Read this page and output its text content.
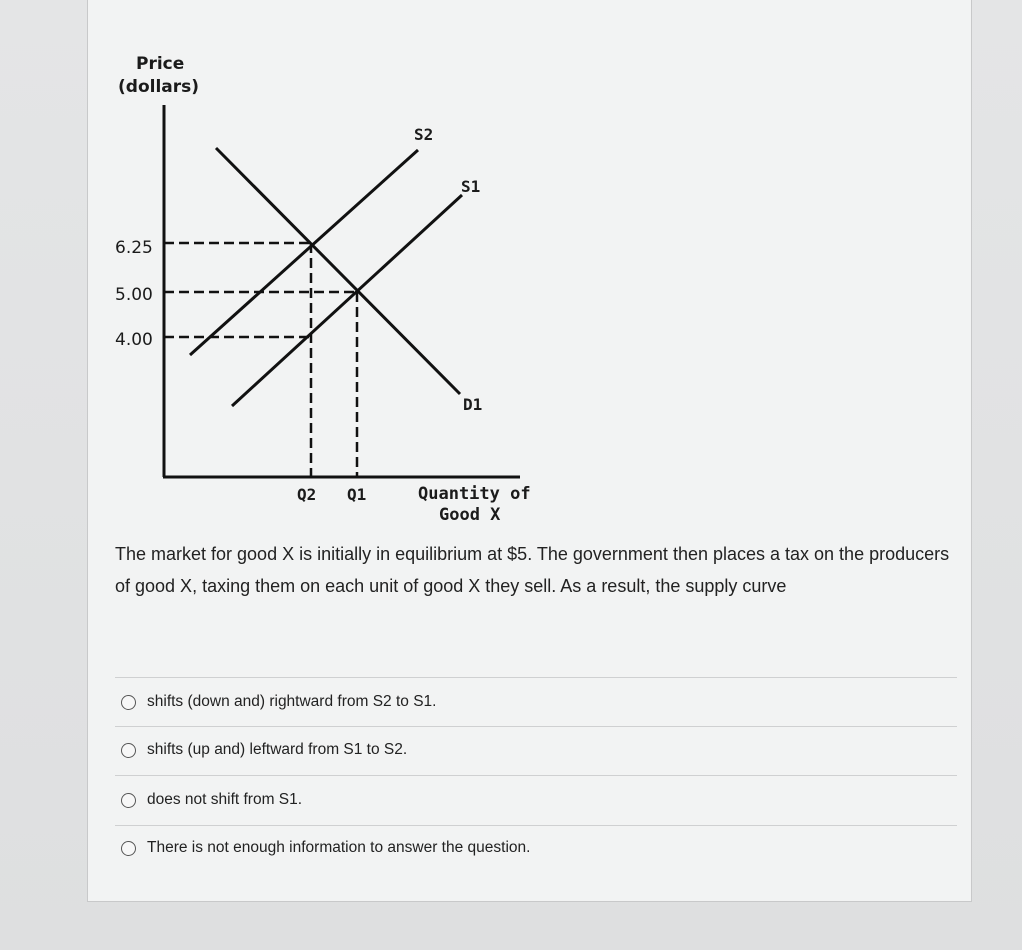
Price
(dollars)
6.25
5.00
4.00
S2
S1
D1
Q2 Q1	Quantity of
Good X

The market for good X is initially in equilibrium at $5. The government then places a tax on the producers of good X, taxing them on each unit of good X they sell. As a result, the supply curve

shifts (down and) rightward from S2 to S1.
shifts (up and) leftward from S1 to S2.
does not shift from S1.
There is not enough information to answer the question.
